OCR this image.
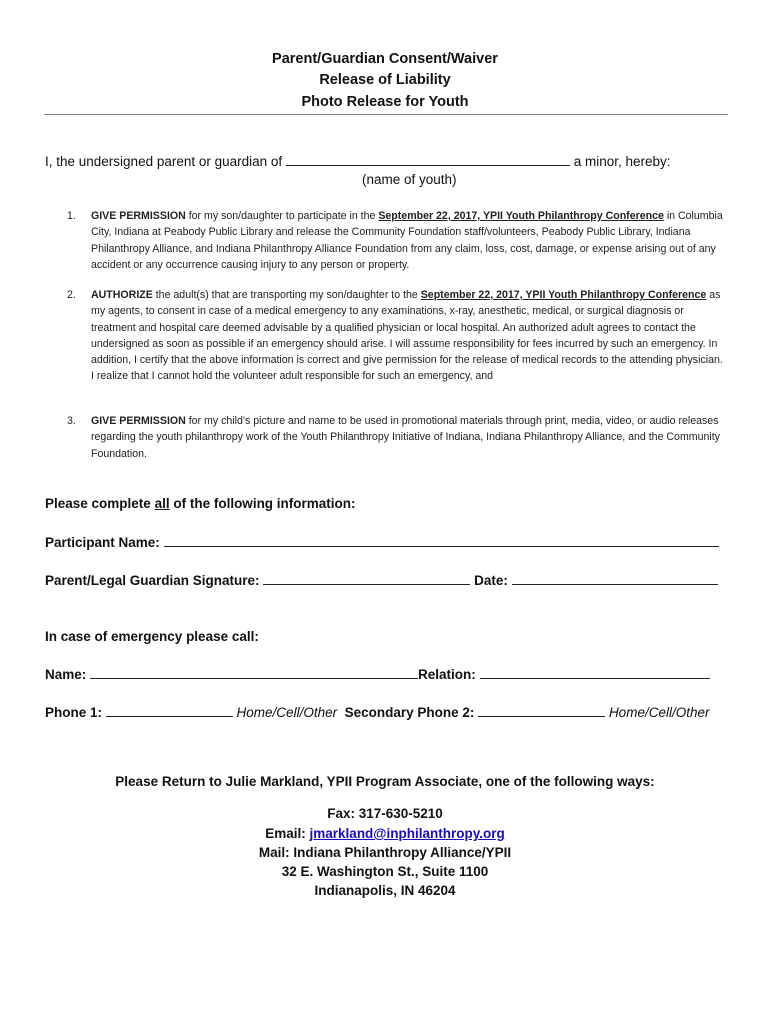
Parent/Guardian Consent/Waiver
Release of Liability
Photo Release for Youth
I, the undersigned parent or guardian of	a minor, hereby:
(name of youth)
1. GIVE PERMISSION for my son/daughter to participate in the September 22, 2017, YPII Youth Philanthropy Conference in Columbia City, Indiana at Peabody Public Library and release the Community Foundation staff/volunteers, Peabody Public Library, Indiana Philanthropy Alliance, and Indiana Philanthropy Alliance Foundation from any claim, loss, cost, damage, or expense arising out of any accident or any occurrence causing injury to any person or property.
2. AUTHORIZE the adult(s) that are transporting my son/daughter to the September 22, 2017, YPII Youth Philanthropy Conference as my agents, to consent in case of a medical emergency to any examinations, x-ray, anesthetic, medical, or surgical diagnosis or treatment and hospital care deemed advisable by a qualified physician or local hospital. An authorized adult agrees to contact the undersigned as soon as possible if an emergency should arise. I will assume responsibility for fees incurred by such an emergency. In addition, I certify that the above information is correct and give permission for the release of medical records to the attending physician. I realize that I cannot hold the volunteer adult responsible for such an emergency, and
3. GIVE PERMISSION for my child’s picture and name to be used in promotional materials through print, media, video, or audio releases regarding the youth philanthropy work of the Youth Philanthropy Initiative of Indiana, Indiana Philanthropy Alliance, and the Community Foundation.
Please complete all of the following information:
Participant Name:
Parent/Legal Guardian Signature:	Date:
In case of emergency please call:
Name:	Relation:
Phone 1:	Home/Cell/Other Secondary Phone 2:	Home/Cell/Other
Please Return to Julie Markland, YPII Program Associate, one of the following ways:
Fax: 317-630-5210
Email: jmarkland@inphilanthropy.org
Mail: Indiana Philanthropy Alliance/YPII
32 E. Washington St., Suite 1100
Indianapolis, IN 46204
